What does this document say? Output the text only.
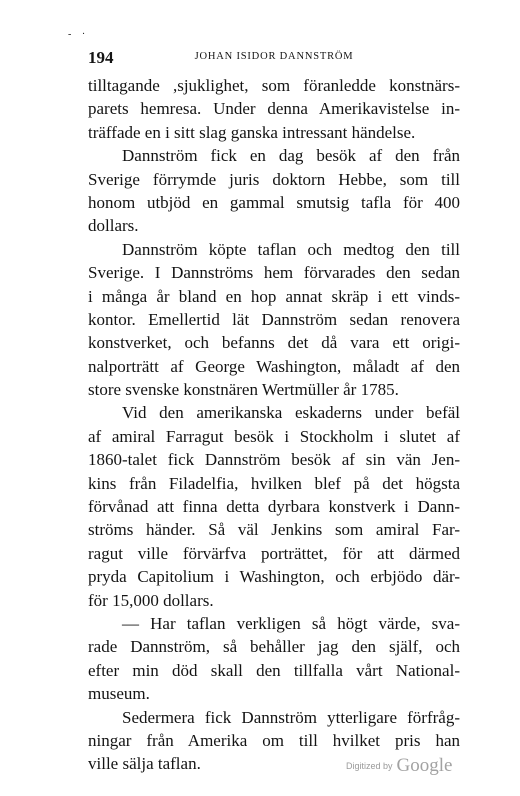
- ·
194	JOHAN ISIDOR DANNSTRÖM
tilltagande ,sjuklighet, som föranledde konstnärs-
parets hemresa. Under denna Amerikavistelse in-
träffade en i sitt slag ganska intressant händelse.
Dannström fick en dag besök af den från
Sverige förrymde juris doktorn Hebbe, som till
honom utbjöd en gammal smutsig tafla för 400
dollars.
Dannström köpte taflan och medtog den till
Sverige. I Dannströms hem förvarades den sedan
i många år bland en hop annat skräp i ett vinds-
kontor. Emellertid lät Dannström sedan renovera
konstverket, och befanns det då vara ett origi-
nalporträtt af George Washington, måladt af den
store svenske konstnären Wertmüller år 1785.
Vid den amerikanska eskaderns under befäl
af amiral Farragut besök i Stockholm i slutet af
1860-talet fick Dannström besök af sin vän Jen-
kins från Filadelfia, hvilken blef på det högsta
förvånad att finna detta dyrbara konstverk i Dann-
ströms händer. Så väl Jenkins som amiral Far-
ragut ville förvärfva porträttet, för att därmed
pryda Capitolium i Washington, och erbjödo där-
för 15,000 dollars.
— Har taflan verkligen så högt värde, sva-
rade Dannström, så behåller jag den själf, och
efter min död skall den tillfalla vårt National-
museum.
Sedermera fick Dannström ytterligare förfråg-
ningar från Amerika om till hvilket pris han
ville sälja taflan.	Digitized by Google
